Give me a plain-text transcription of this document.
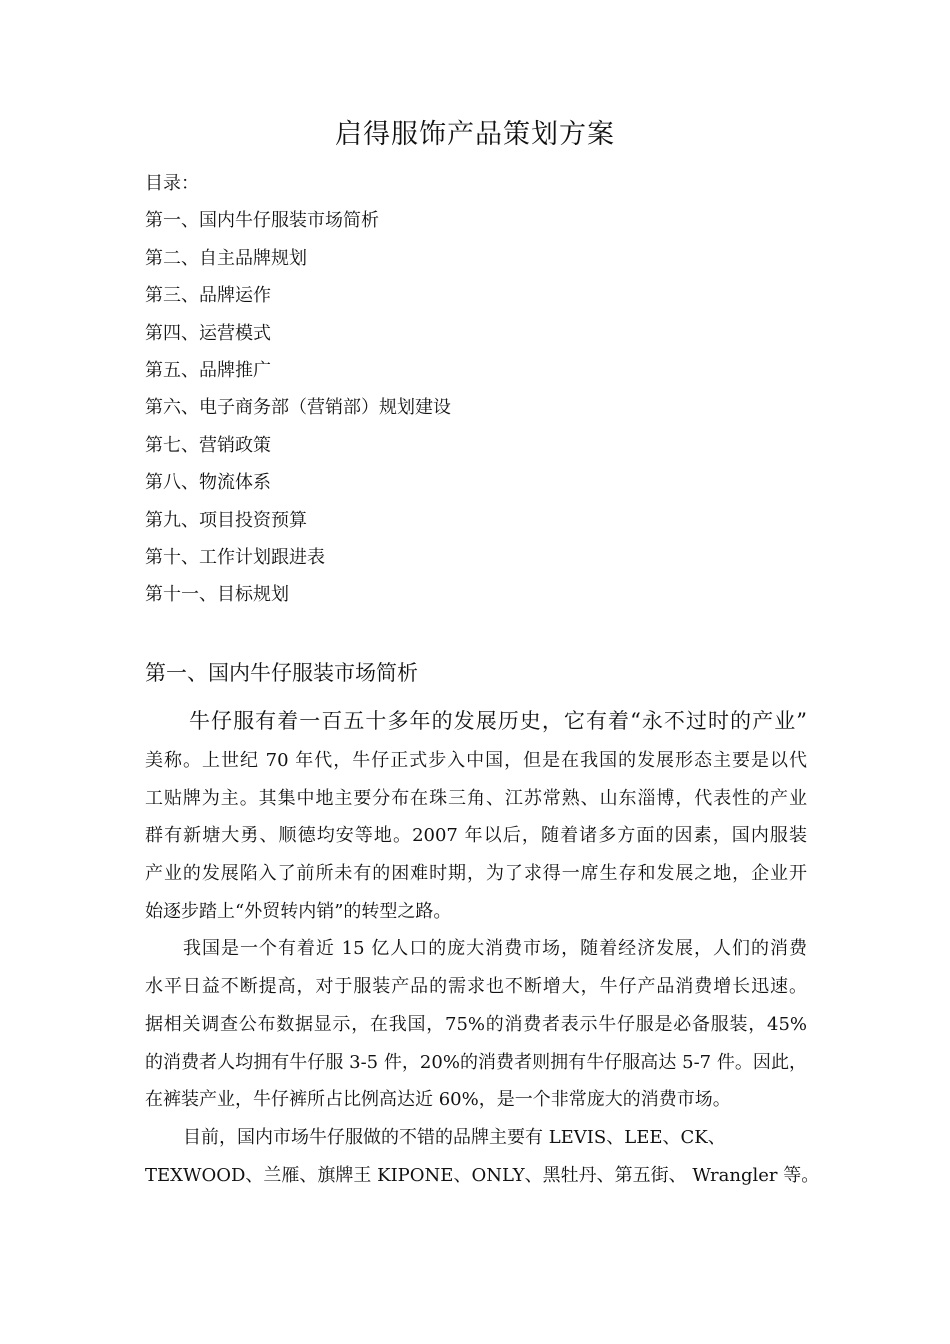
启得服饰产品策划方案
目录：
第一、国内牛仔服装市场简析
第二、自主品牌规划
第三、品牌运作
第四、运营模式
第五、品牌推广
第六、电子商务部（营销部）规划建设
第七、营销政策
第八、物流体系
第九、项目投资预算
第十、工作计划跟进表
第十一、目标规划
第一、国内牛仔服装市场简析

牛仔服有着一百五十多年的发展历史，它有着“永不过时的产业”
美称。上世纪 70 年代，牛仔正式步入中国，但是在我国的发展形态主要是以代
工贴牌为主。其集中地主要分布在珠三角、江苏常熟、山东淄博，代表性的产业
群有新塘大勇、顺德均安等地。2007 年以后，随着诸多方面的因素，国内服装
产业的发展陷入了前所未有的困难时期，为了求得一席生存和发展之地，企业开
始逐步踏上“外贸转内销”的转型之路。

我国是一个有着近 15 亿人口的庞大消费市场，随着经济发展，人们的消费
水平日益不断提高，对于服装产品的需求也不断增大，牛仔产品消费增长迅速。
据相关调查公布数据显示，在我国，75%的消费者表示牛仔服是必备服装，45%
的消费者人均拥有牛仔服 3-5 件，20%的消费者则拥有牛仔服高达 5-7 件。因此，
在裤装产业，牛仔裤所占比例高达近 60%，是一个非常庞大的消费市场。

目前，国内市场牛仔服做的不错的品牌主要有 LEVIS、LEE、CK、
TEXWOOD、兰雁、旗牌王 KIPONE、ONLY、黑牡丹、第五街、 Wrangler 等。
